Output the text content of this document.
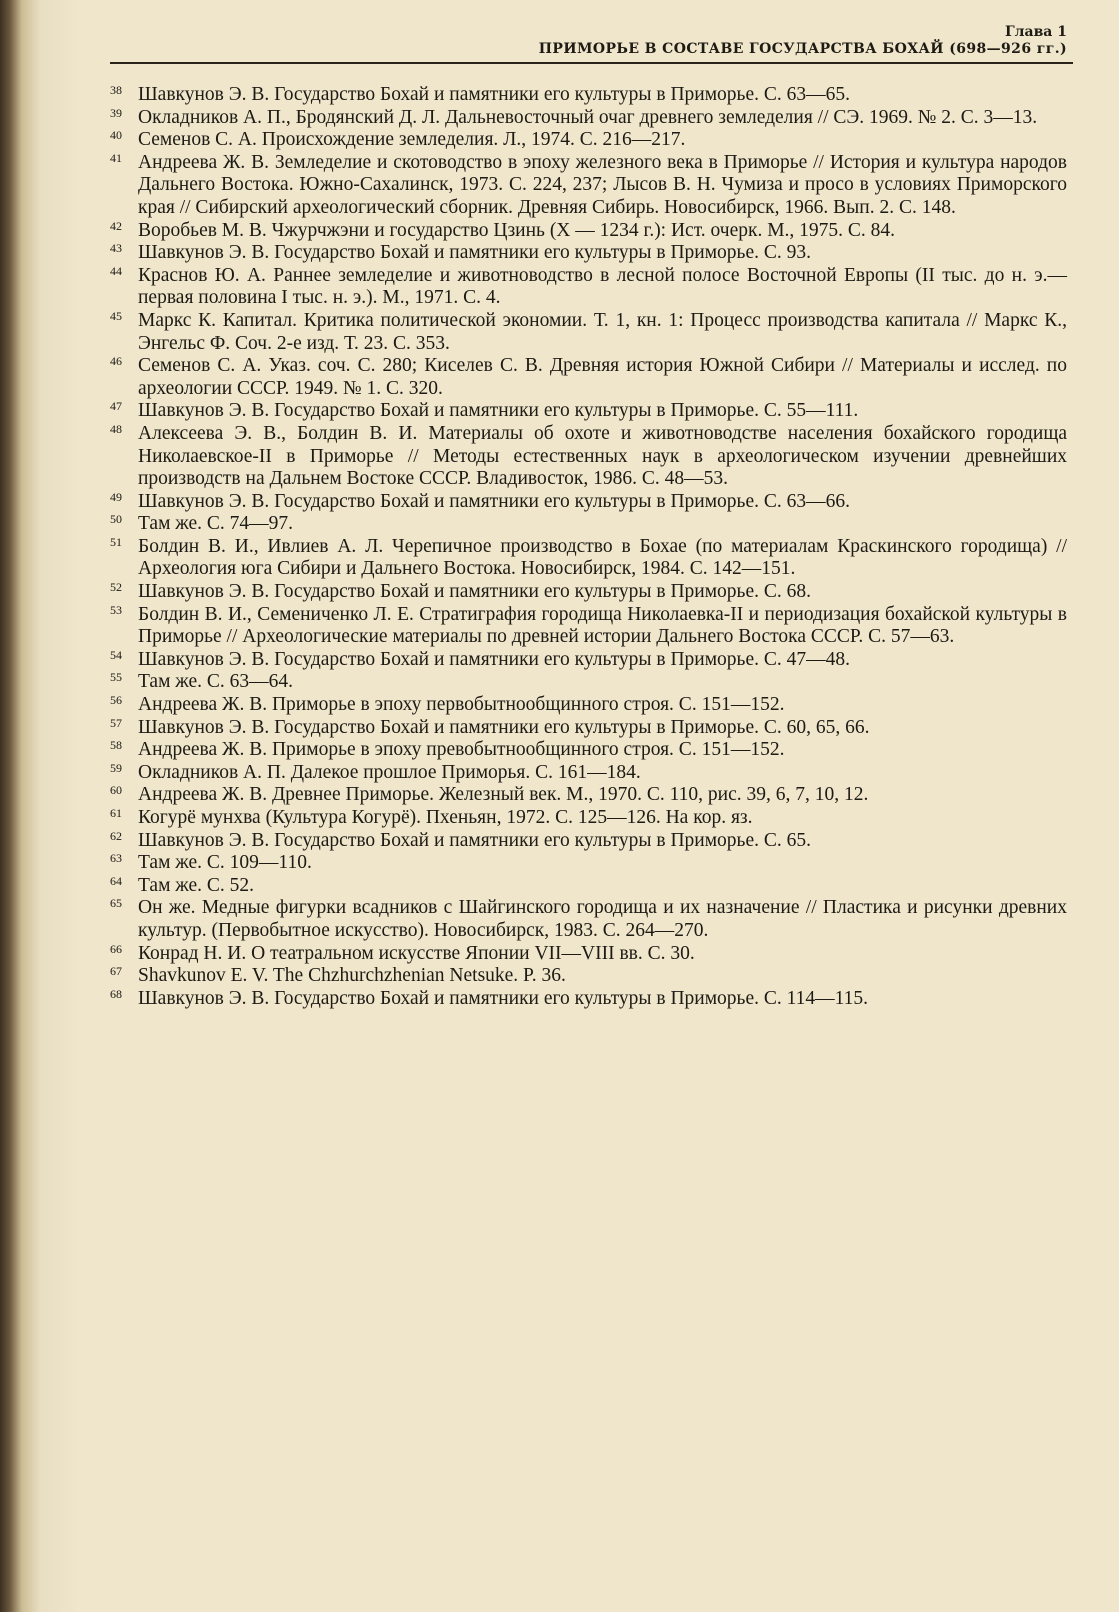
Глава 1
ПРИМОРЬЕ В СОСТАВЕ ГОСУДАРСТВА БОХАЙ (698—926 гг.)
38 Шавкунов Э. В. Государство Бохай и памятники его культуры в Приморье. С. 63—65.
39 Окладников А. П., Бродянский Д. Л. Дальневосточный очаг древнего земледелия // СЭ. 1969. № 2. С. 3—13.
40 Семенов С. А. Происхождение земледелия. Л., 1974. С. 216—217.
41 Андреева Ж. В. Земледелие и скотоводство в эпоху железного века в Приморье // История и культура народов Дальнего Востока. Южно-Сахалинск, 1973. С. 224, 237; Лысов В. Н. Чумиза и просо в условиях Приморского края // Сибирский археологический сборник. Древняя Сибирь. Новосибирск, 1966. Вып. 2. С. 148.
42 Воробьев М. В. Чжурчжэни и государство Цзинь (X — 1234 г.): Ист. очерк. М., 1975. С. 84.
43 Шавкунов Э. В. Государство Бохай и памятники его культуры в Приморье. С. 93.
44 Краснов Ю. А. Раннее земледелие и животноводство в лесной полосе Восточной Европы (II тыс. до н. э.— первая половина I тыс. н. э.). М., 1971. С. 4.
45 Маркс К. Капитал. Критика политической экономии. Т. 1, кн. 1: Процесс производства капитала // Маркс К., Энгельс Ф. Соч. 2-е изд. Т. 23. С. 353.
46 Семенов С. А. Указ. соч. С. 280; Киселев С. В. Древняя история Южной Сибири // Материалы и исслед. по археологии СССР. 1949. № 1. С. 320.
47 Шавкунов Э. В. Государство Бохай и памятники его культуры в Приморье. С. 55—111.
48 Алексеева Э. В., Болдин В. И. Материалы об охоте и животноводстве населения бохайского городища Николаевское-II в Приморье // Методы естественных наук в археологическом изучении древнейших производств на Дальнем Востоке СССР. Владивосток, 1986. С. 48—53.
49 Шавкунов Э. В. Государство Бохай и памятники его культуры в Приморье. С. 63—66.
50 Там же. С. 74—97.
51 Болдин В. И., Ивлиев А. Л. Черепичное производство в Бохае (по материалам Краскинского городища) // Археология юга Сибири и Дальнего Востока. Новосибирск, 1984. С. 142—151.
52 Шавкунов Э. В. Государство Бохай и памятники его культуры в Приморье. С. 68.
53 Болдин В. И., Семениченко Л. Е. Стратиграфия городища Николаевка-II и периодизация бохайской культуры в Приморье // Археологические материалы по древней истории Дальнего Востока СССР. С. 57—63.
54 Шавкунов Э. В. Государство Бохай и памятники его культуры в Приморье. С. 47—48.
55 Там же. С. 63—64.
56 Андреева Ж. В. Приморье в эпоху первобытнообщинного строя. С. 151—152.
57 Шавкунов Э. В. Государство Бохай и памятники его культуры в Приморье. С. 60, 65, 66.
58 Андреева Ж. В. Приморье в эпоху превобытнообщинного строя. С. 151—152.
59 Окладников А. П. Далекое прошлое Приморья. С. 161—184.
60 Андреева Ж. В. Древнее Приморье. Железный век. М., 1970. С. 110, рис. 39, 6, 7, 10, 12.
61 Когурё мунхва (Культура Когурё). Пхеньян, 1972. С. 125—126. На кор. яз.
62 Шавкунов Э. В. Государство Бохай и памятники его культуры в Приморье. С. 65.
63 Там же. С. 109—110.
64 Там же. С. 52.
65 Он же. Медные фигурки всадников с Шайгинского городища и их назначение // Пластика и рисунки древних культур. (Первобытное искусство). Новосибирск, 1983. С. 264—270.
66 Конрад Н. И. О театральном искусстве Японии VII—VIII вв. С. 30.
67 Shavkunov E. V. The Chzhurchzhenian Netsuke. P. 36.
68 Шавкунов Э. В. Государство Бохай и памятники его культуры в Приморье. С. 114—115.
